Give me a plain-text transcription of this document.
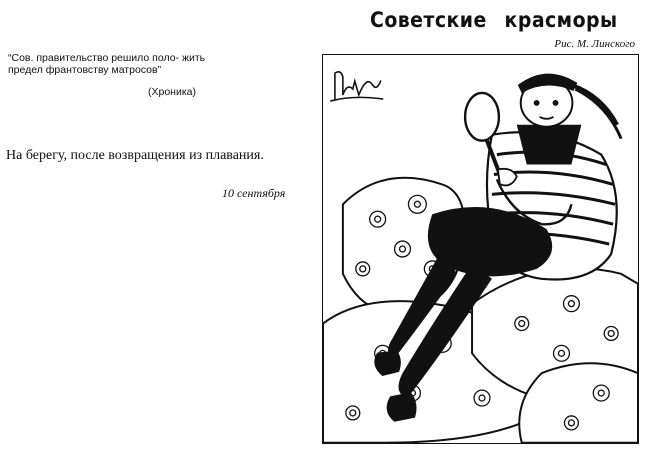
Советские красморы
Рис. М. Линского
“Сов. правительство решило поло- жить предел франтовству матросов”
(Хроника)
На берегу, после возвращения из плавания.
10 сентября
